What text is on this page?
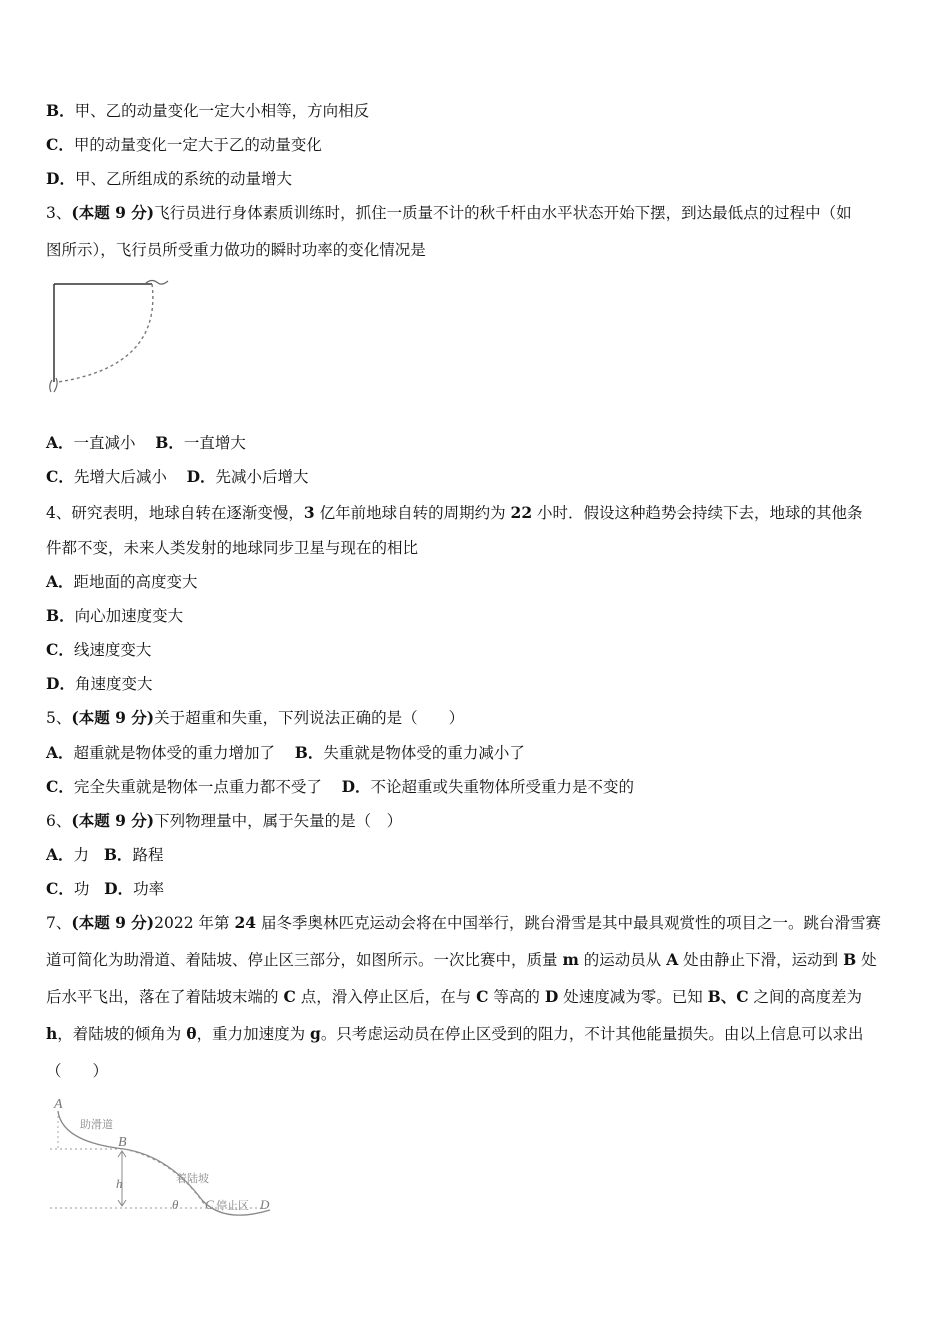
B．甲、乙的动量变化一定大小相等，方向相反
C．甲的动量变化一定大于乙的动量变化
D．甲、乙所组成的系统的动量增大
3、(本题 9 分)飞行员进行身体素质训练时，抓住一质量不计的秋千杆由水平状态开始下摆，到达最低点的过程中（如
图所示），飞行员所受重力做功的瞬时功率的变化情况是
A．一直减小 B．一直增大
C．先增大后减小 D．先减小后增大
4、研究表明，地球自转在逐渐变慢，3 亿年前地球自转的周期约为 22 小时．假设这种趋势会持续下去，地球的其他条
件都不变，未来人类发射的地球同步卫星与现在的相比
A．距地面的高度变大
B．向心加速度变大
C．线速度变大
D．角速度变大
5、(本题 9 分)关于超重和失重，下列说法正确的是（　　）
A．超重就是物体受的重力增加了 B．失重就是物体受的重力减小了
C．完全失重就是物体一点重力都不受了 D．不论超重或失重物体所受重力是不变的
6、(本题 9 分)下列物理量中，属于矢量的是（　）
A．力 B．路程
C．功 D．功率
7、(本题 9 分)2022 年第 24 届冬季奥林匹克运动会将在中国举行，跳台滑雪是其中最具观赏性的项目之一。跳台滑雪赛
道可简化为助滑道、着陆坡、停止区三部分，如图所示。一次比赛中，质量 m 的运动员从 A 处由静止下滑，运动到 B 处
后水平飞出，落在了着陆坡末端的 C 点，滑入停止区后，在与 C 等高的 D 处速度减为零。已知 B、C 之间的高度差为
h，着陆坡的倾角为 θ，重力加速度为 g。只考虑运动员在停止区受到的阻力，不计其他能量损失。由以上信息可以求出
（　　）
A
助滑道
B
着陆坡
h
θ C 停止区 D
